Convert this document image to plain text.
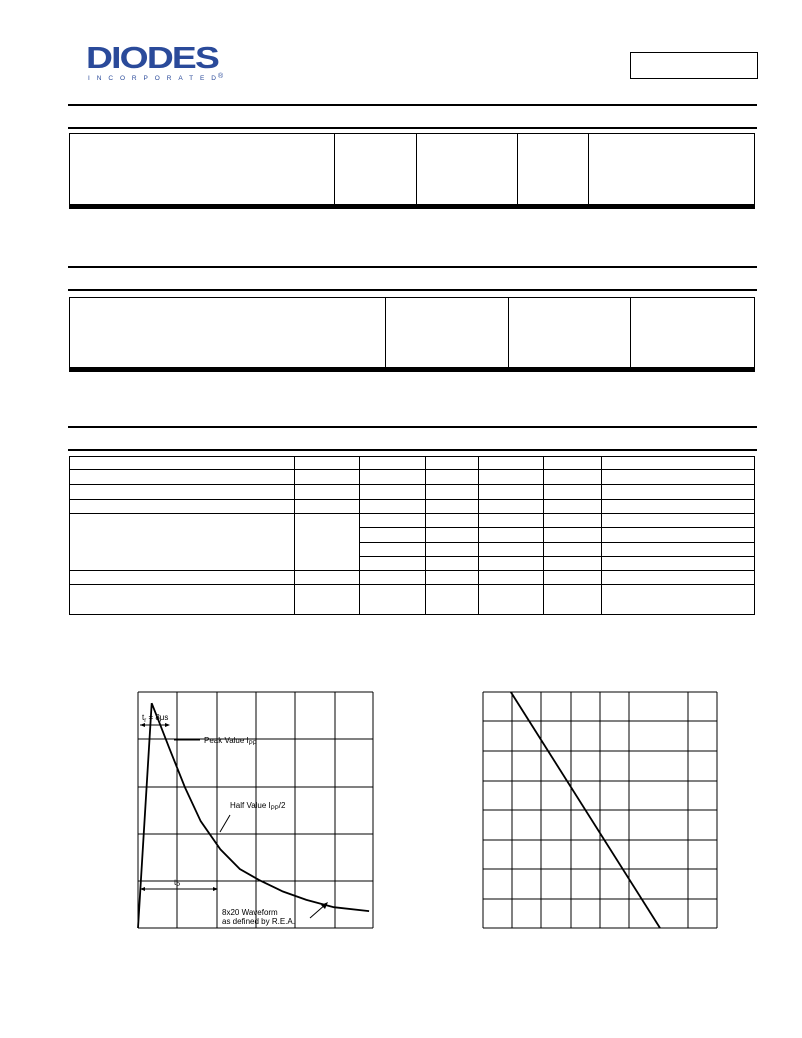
DIODES
INCORPORATED ®

$t_r = 8\mu s$
Peak Value $I_{PP}$
Half Value $I_{PP}/2$
$t_P$
8x20 Waveform
as defined by R.E.A.
